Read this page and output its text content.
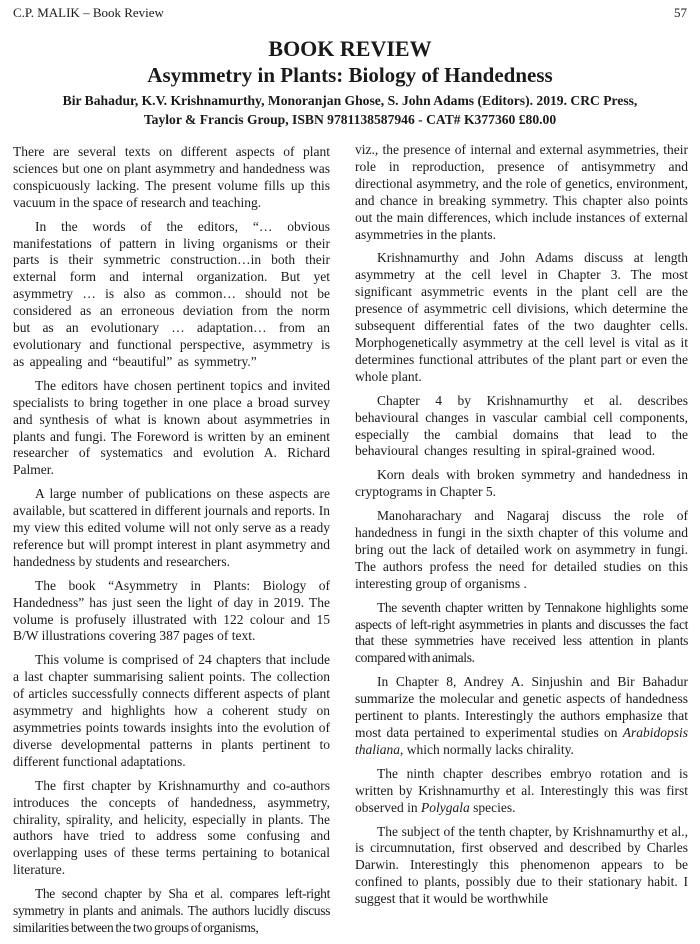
C.P. MALIK – Book Review	57
BOOK REVIEW
Asymmetry in Plants: Biology of Handedness
Bir Bahadur, K.V. Krishnamurthy, Monoranjan Ghose, S. John Adams (Editors). 2019. CRC Press,
Taylor & Francis Group, ISBN 9781138587946 - CAT# K377360 £80.00

There are several texts on different aspects of plant sciences but one on plant asymmetry and handedness was conspicuously lacking. The present volume fills up this vacuum in the space of research and teaching.

In the words of the editors, “… obvious manifestations of pattern in living organisms or their parts is their symmetric construction…in both their external form and internal organization. But yet asymmetry … is also as common… should not be considered as an erroneous deviation from the norm but as an evolutionary … adaptation… from an evolutionary and functional perspective, asymmetry is as appealing and “beautiful” as symmetry.”

The editors have chosen pertinent topics and invited specialists to bring together in one place a broad survey and synthesis of what is known about asymmetries in plants and fungi. The Foreword is written by an eminent researcher of systematics and evolution A. Richard Palmer.

A large number of publications on these aspects are available, but scattered in different journals and reports. In my view this edited volume will not only serve as a ready reference but will prompt interest in plant asymmetry and handedness by students and researchers.

The book “Asymmetry in Plants: Biology of Handedness” has just seen the light of day in 2019. The volume is profusely illustrated with 122 colour and 15 B/W illustrations covering 387 pages of text.

This volume is comprised of 24 chapters that include a last chapter summarising salient points. The collection of articles successfully connects different aspects of plant asymmetry and highlights how a coherent study on asymmetries points towards insights into the evolution of diverse developmental patterns in plants pertinent to different functional adaptations.

The first chapter by Krishnamurthy and co-authors introduces the concepts of handedness, asymmetry, chirality, spirality, and helicity, especially in plants. The authors have tried to address some confusing and overlapping uses of these terms pertaining to botanical literature.

The second chapter by Sha et al. compares left-right symmetry in plants and animals. The authors lucidly discuss similarities between the two groups of organisms,

viz., the presence of internal and external asymmetries, their role in reproduction, presence of antisymmetry and directional asymmetry, and the role of genetics, environment, and chance in breaking symmetry. This chapter also points out the main differences, which include instances of external asymmetries in the plants.

Krishnamurthy and John Adams discuss at length asymmetry at the cell level in Chapter 3. The most significant asymmetric events in the plant cell are the presence of asymmetric cell divisions, which determine the subsequent differential fates of the two daughter cells. Morphogenetically asymmetry at the cell level is vital as it determines functional attributes of the plant part or even the whole plant.

Chapter 4 by Krishnamurthy et al. describes behavioural changes in vascular cambial cell components, especially the cambial domains that lead to the behavioural changes resulting in spiral-grained wood.

Korn deals with broken symmetry and handedness in cryptograms in Chapter 5.

Manoharachary and Nagaraj discuss the role of handedness in fungi in the sixth chapter of this volume and bring out the lack of detailed work on asymmetry in fungi. The authors profess the need for detailed studies on this interesting group of organisms .

The seventh chapter written by Tennakone highlights some aspects of left-right asymmetries in plants and discusses the fact that these symmetries have received less attention in plants compared with animals.

In Chapter 8, Andrey A. Sinjushin and Bir Bahadur summarize the molecular and genetic aspects of handedness pertinent to plants. Interestingly the authors emphasize that most data pertained to experimental studies on Arabidopsis thaliana, which normally lacks chirality.

The ninth chapter describes embryo rotation and is written by Krishnamurthy et al. Interestingly this was first observed in Polygala species.

The subject of the tenth chapter, by Krishnamurthy et al., is circumnutation, first observed and described by Charles Darwin. Interestingly this phenomenon appears to be confined to plants, possibly due to their stationary habit. I suggest that it would be worthwhile
